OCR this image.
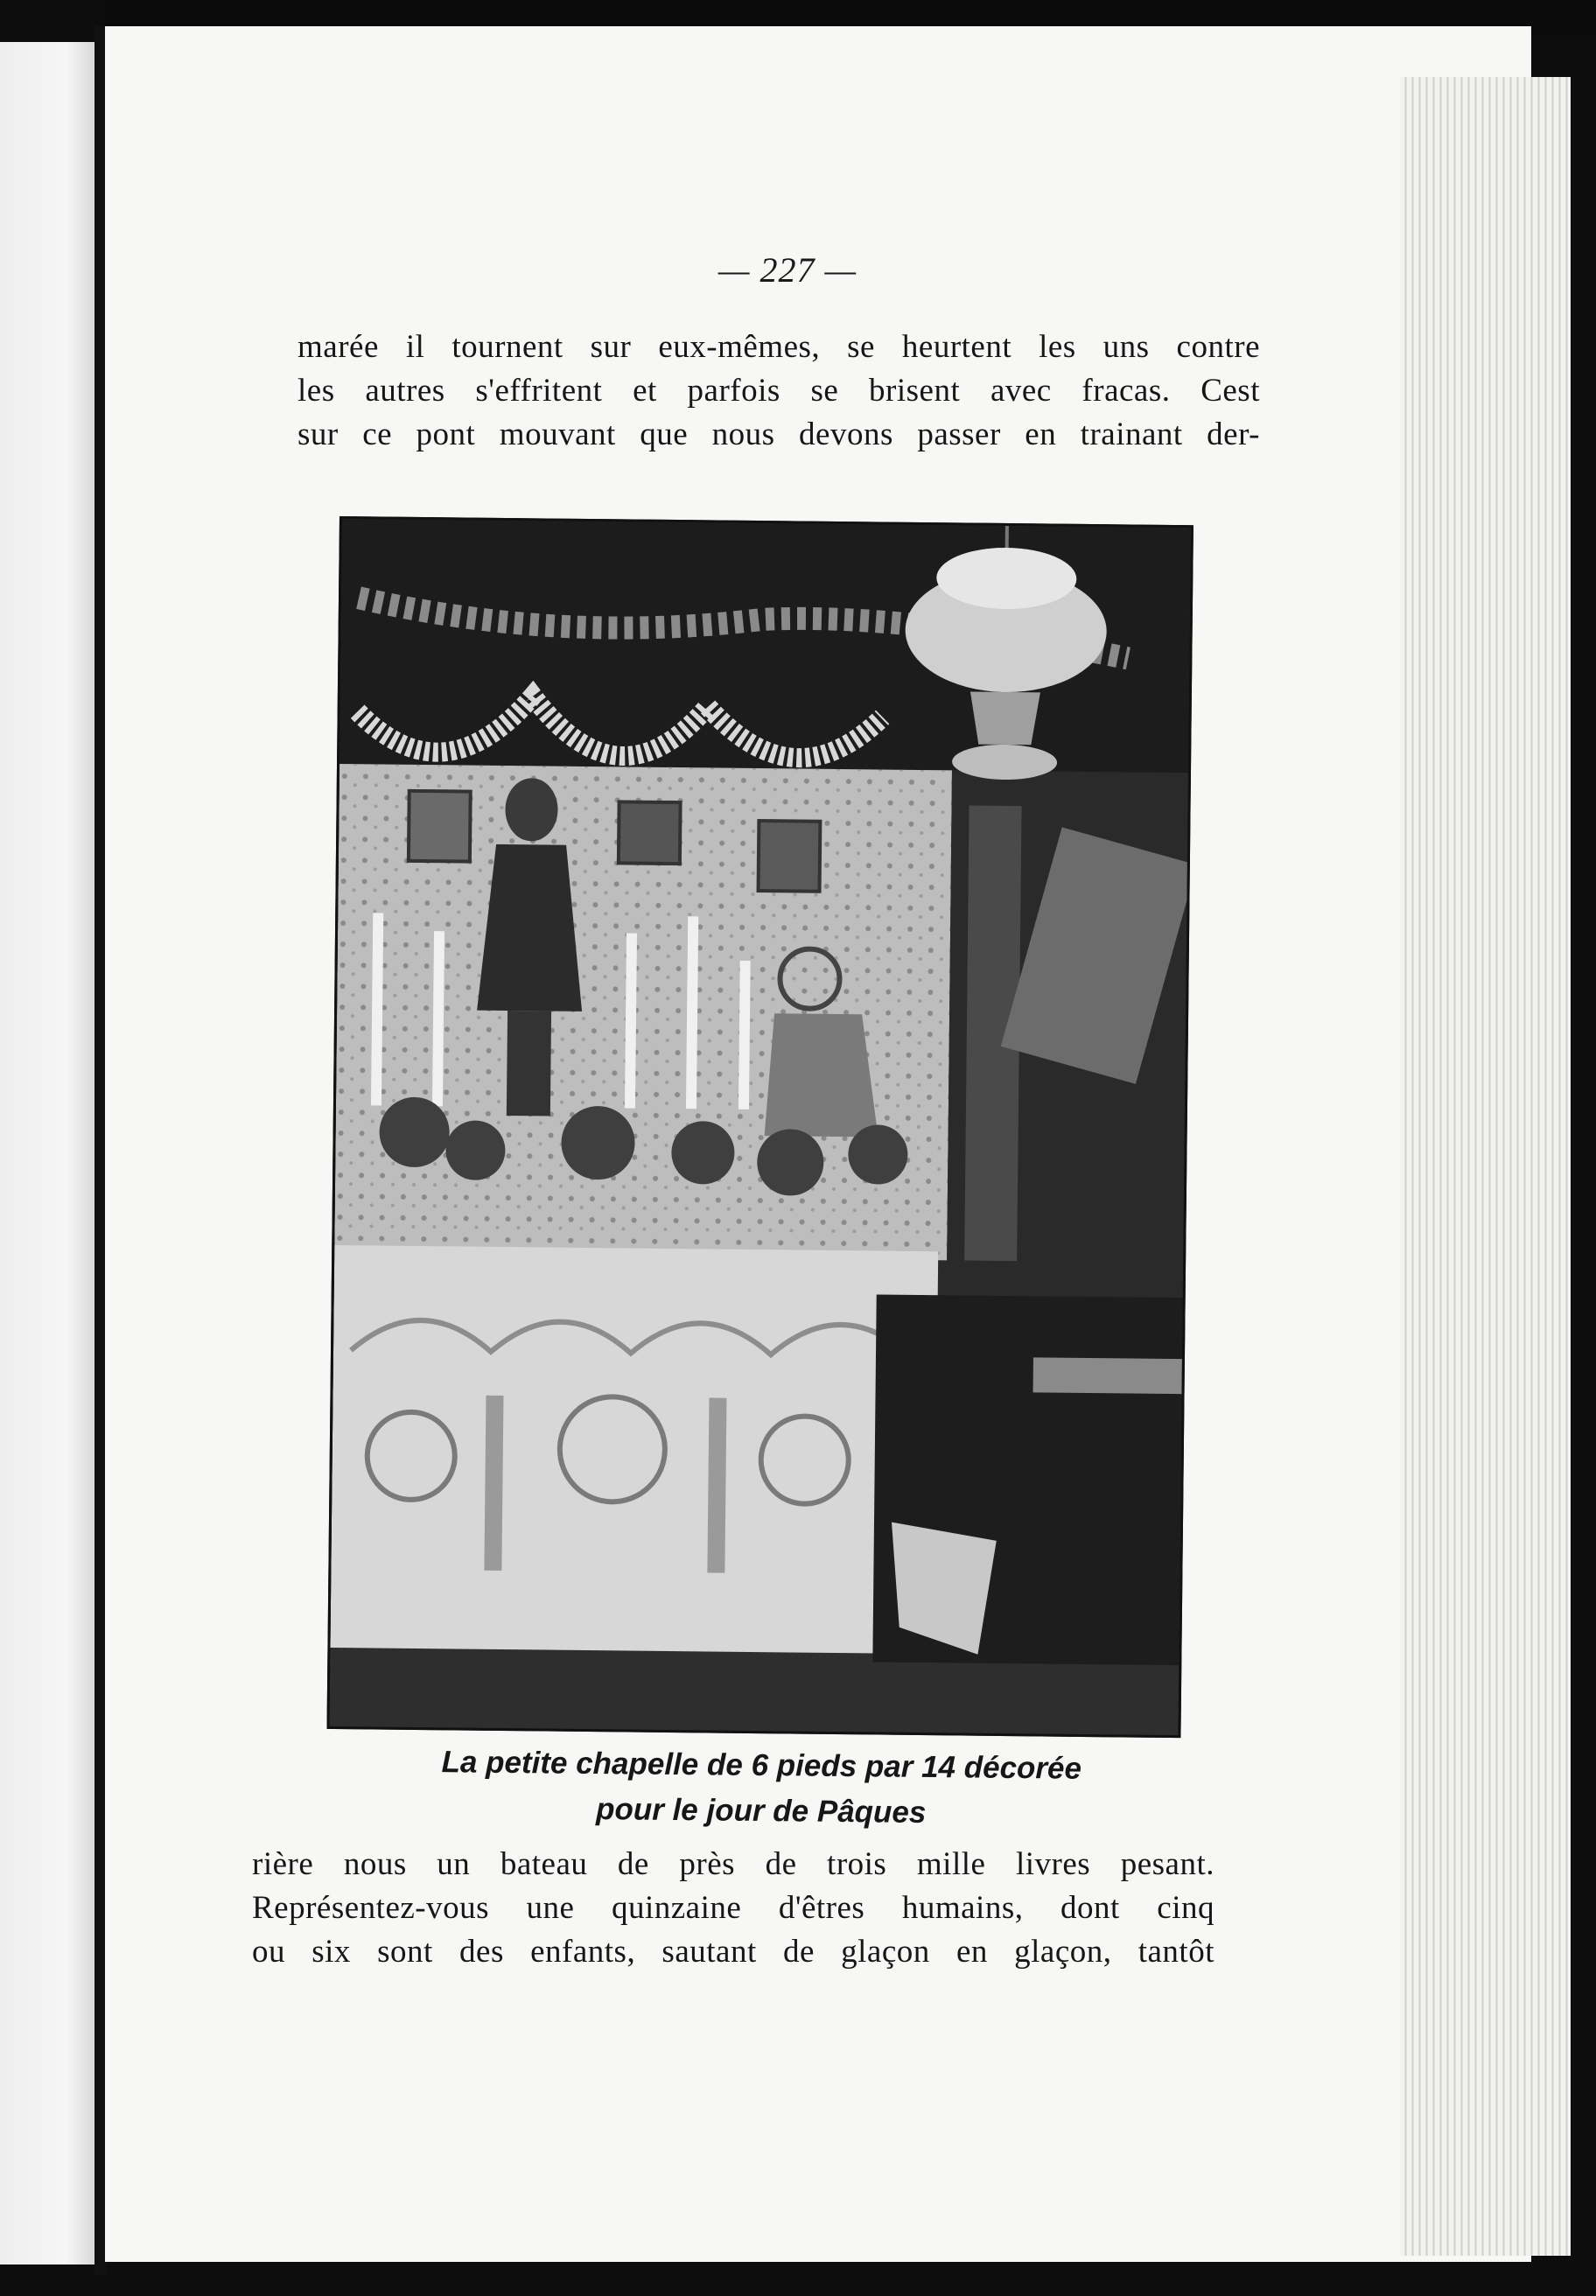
— 227 —
marée il tournent sur eux-mêmes, se heurtent les uns contre
les autres s'effritent et parfois se brisent avec fracas. Cest
sur ce pont mouvant que nous devons passer en trainant der-
La petite chapelle de 6 pieds par 14 décorée
pour le jour de Pâques
rière nous un bateau de près de trois mille livres pesant.
Représentez-vous une quinzaine d'êtres humains, dont cinq
ou six sont des enfants, sautant de glaçon en glaçon, tantôt
